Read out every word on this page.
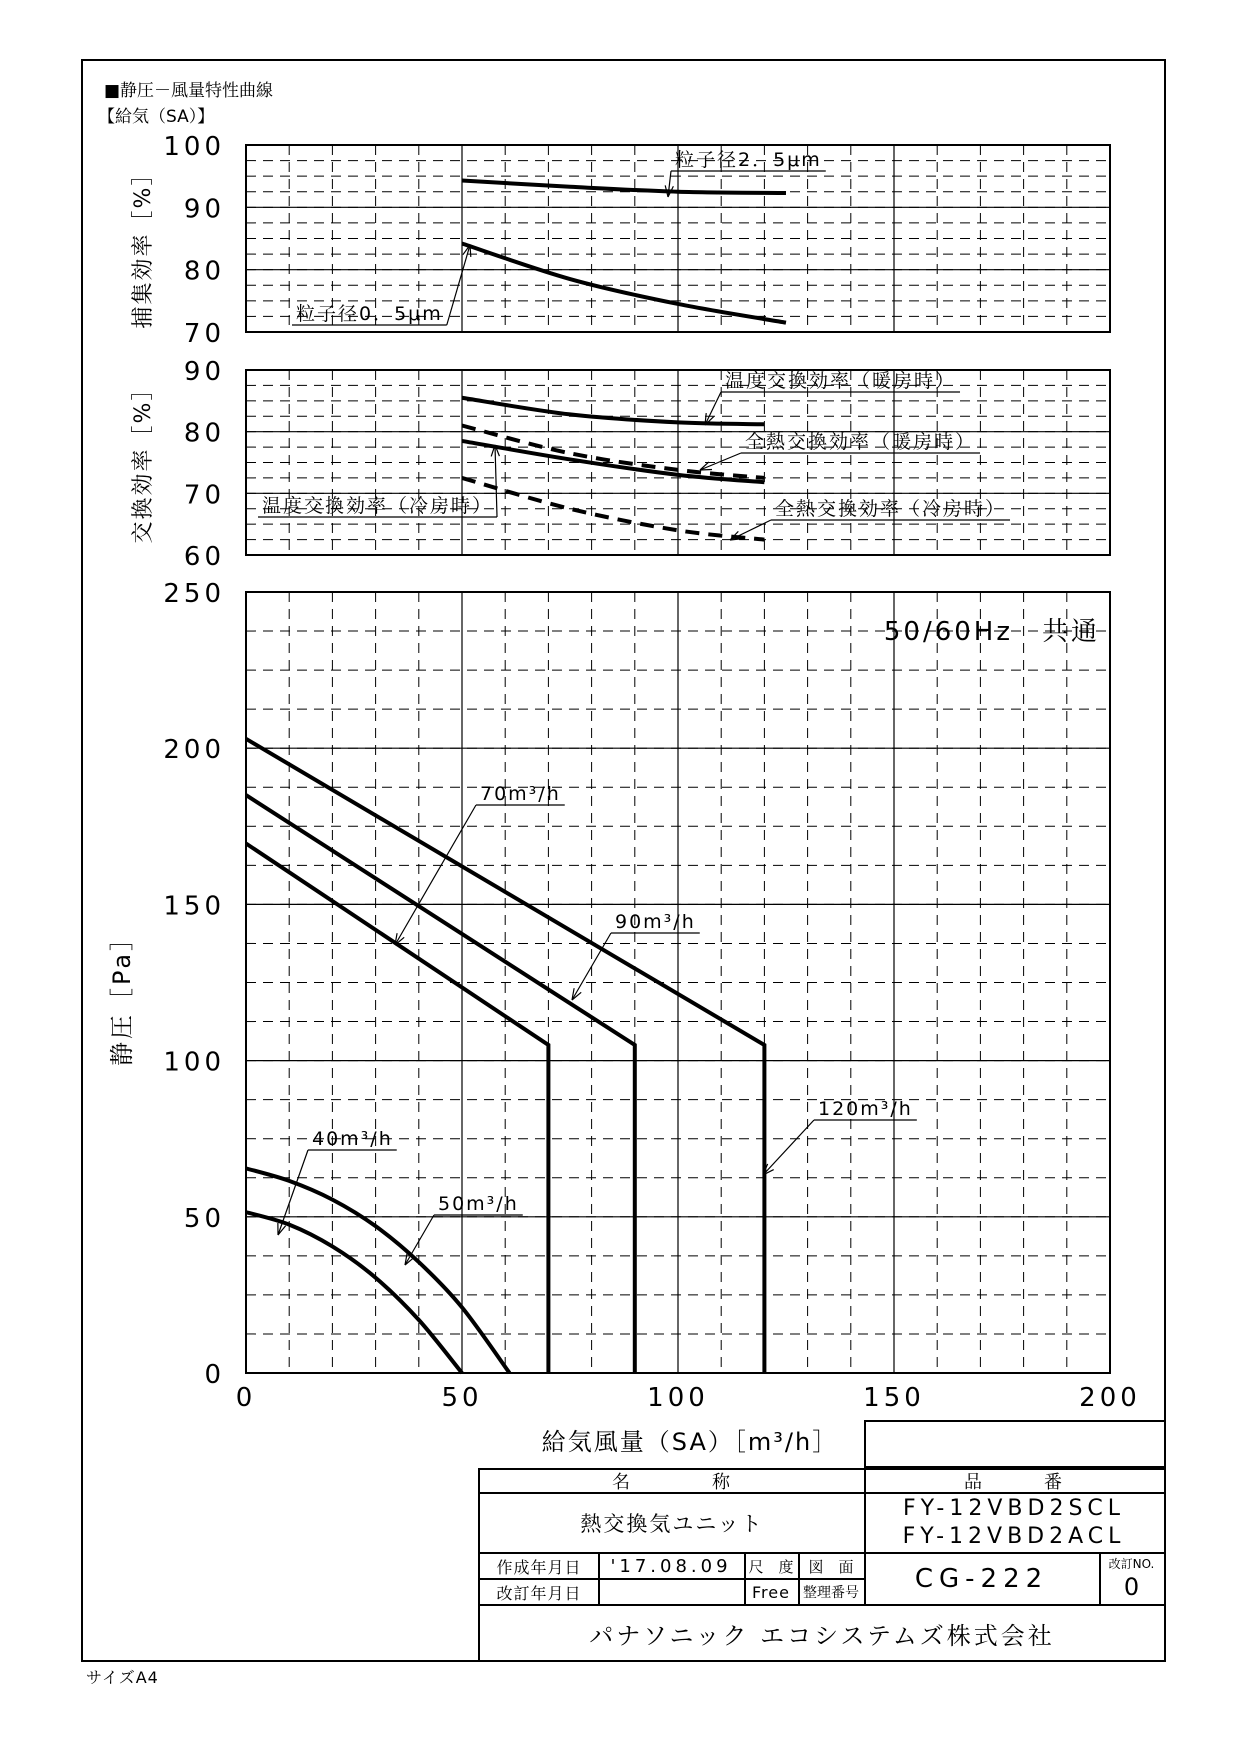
■静圧－風量特性曲線
【給気（SA）】
50/60Hz　共通
給気風量（SA）［m³/h］
捕集効率［%］
交換効率［%］
静圧［Pa］
100
90
80
70
粒子径2．5μm
粒子径0．5μm
90
80
70
60
温度交換効率（暖房時）
全熱交換効率（暖房時）
温度交換効率（冷房時）	全熱交換効率（冷房時）
250
200
150
100
50
0
0	50	100	150	200
40m³/h
50m³/h
70m³/h
90m³/h
120m³/h
名　　　　称	品　　　番
熱交換気ユニット
FY-12VBD2SCL
FY-12VBD2ACL
作成年月日 '17.08.09 尺　度 図　面
改訂年月日	Free 整理番号 CG-222	改訂NO.
0
パナソニック エコシステムズ株式会社
サイズA4
